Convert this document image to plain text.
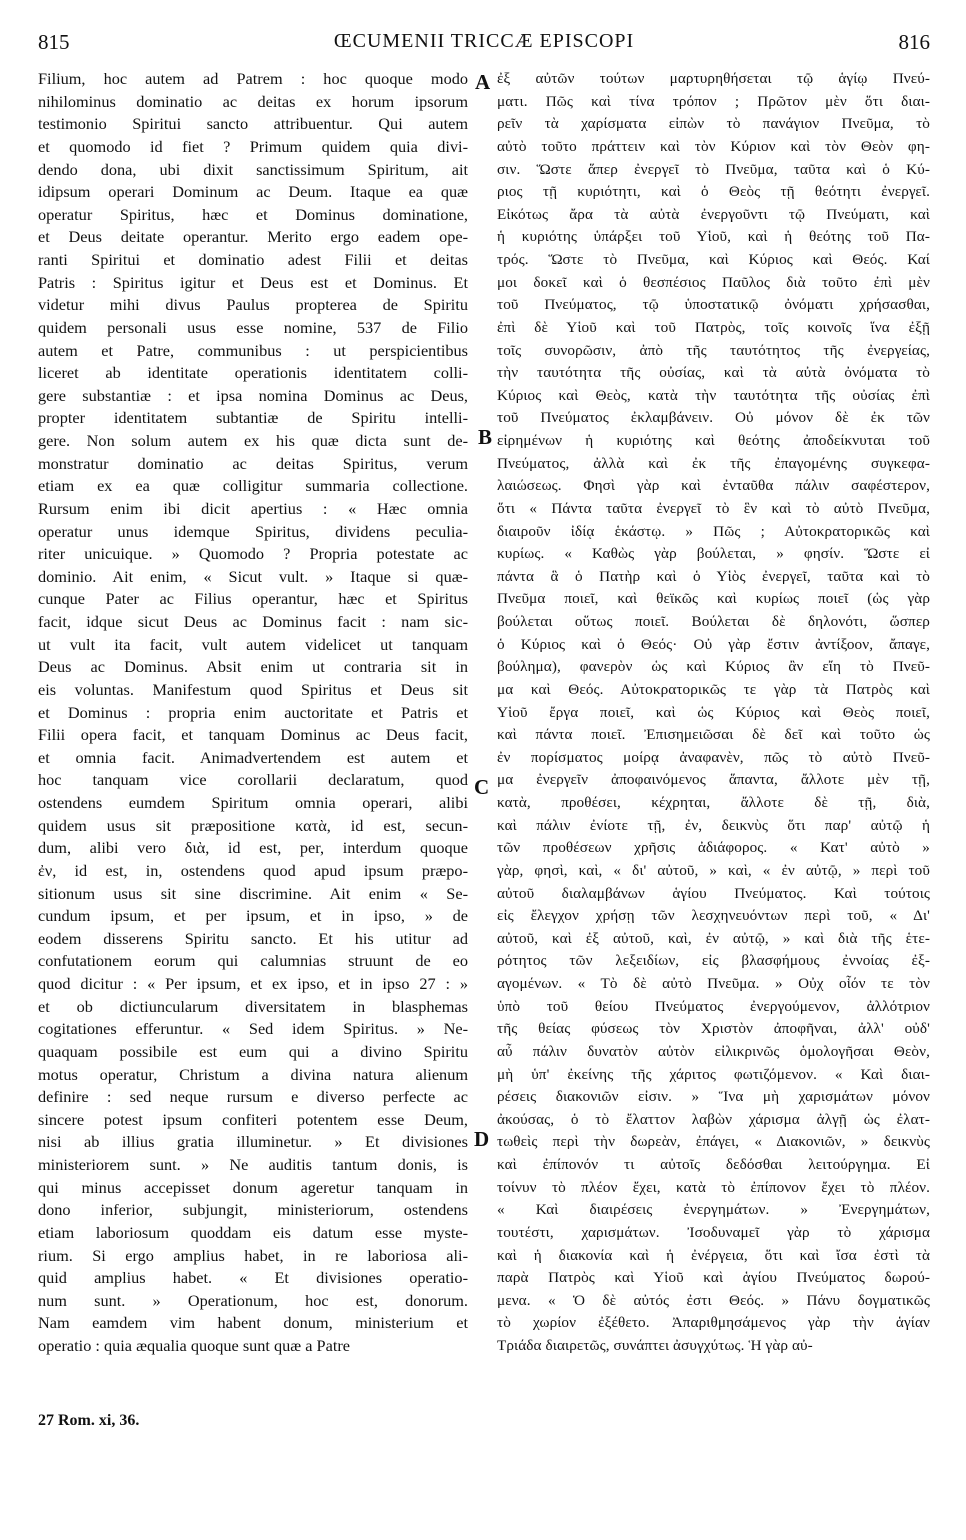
815	ŒCUMENII TRICCÆ EPISCOPI	816
Filium, hoc autem ad Patrem : hoc quoque modo
nihilominus dominatio ac deitas ex horum ipsorum
testimonio Spiritui sancto attribuentur. Qui autem
et quomodo id fiet ? Primum quidem quia divi-
dendo dona, ubi dixit sanctissimum Spiritum, ait
idipsum operari Dominum ac Deum. Itaque ea quæ
operatur Spiritus, hæc et Dominus dominatione,
et Deus deitate operantur. Merito ergo eadem ope-
ranti Spiritui et dominatio adest Filii et deitas
Patris : Spiritus igitur et Deus est et Dominus. Et
videtur mihi divus Paulus propterea de Spiritu
quidem personali usus esse nomine, 537 de Filio
autem et Patre, communibus : ut perspicientibus
liceret ab identitate operationis identitatem colli-
gere substantiæ : et ipsa nomina Dominus ac Deus,
propter identitatem subtantiæ de Spiritu intelli-
gere. Non solum autem ex his quæ dicta sunt de-
monstratur dominatio ac deitas Spiritus, verum
etiam ex ea quæ colligitur summaria collectione.
Rursum enim ibi dicit apertius : « Hæc omnia
operatur unus idemque Spiritus, dividens peculia-
riter unicuique. » Quomodo ? Propria potestate ac
dominio. Ait enim, « Sicut vult. » Itaque si quæ-
cunque Pater ac Filius operantur, hæc et Spiritus
facit, idque sicut Deus ac Dominus facit : nam sic-
ut vult ita facit, vult autem videlicet ut tanquam
Deus ac Dominus. Absit enim ut contraria sit in
eis voluntas. Manifestum quod Spiritus et Deus sit
et Dominus : propria enim auctoritate et Patris et
Filii opera facit, et tanquam Dominus ac Deus facit,
et omnia facit. Animadvertendem est autem et
hoc tanquam vice corollarii declaratum, quod
ostendens eumdem Spiritum omnia operari, alibi
quidem usus sit præpositione κατὰ, id est, secun-
dum, alibi vero διὰ, id est, per, interdum quoque
ἐν, id est, in, ostendens quod apud ipsum præpo-
sitionum usus sit sine discrimine. Ait enim « Se-
cundum ipsum, et per ipsum, et in ipso, » de
eodem disserens Spiritu sancto. Et his utitur ad
confutationem eorum qui calumnias struunt de eo
quod dicitur : « Per ipsum, et ex ipso, et in ipso 27 : »
et ob dictiuncularum diversitatem in blasphemas
cogitationes efferuntur. « Sed idem Spiritus. » Ne-
quaquam possibile est eum qui a divino Spiritu
motus operatur, Christum a divina natura alienum
definire : sed neque rursum e diverso perfecte ac
sincere potest ipsum confiteri potentem esse Deum,
nisi ab illius gratia illuminetur. » Et divisiones
ministeriorem sunt. » Ne auditis tantum donis, is
qui minus accepisset donum ageretur tanquam in
dono inferior, subjungit, ministeriorum, ostendens
etiam laboriosum quoddam eis datum esse myste-
rium. Si ergo amplius habet, in re laboriosa ali-
quid amplius habet. « Et divisiones operatio-
num sunt. » Operationum, hoc est, donorum.
Nam eamdem vim habent donum, ministerium et
operatio : quia æqualia quoque sunt quæ a Patre
ἐξ αὐτῶν τούτων μαρτυρηθήσεται τῷ ἁγίῳ Πνεύ-
ματι. Πῶς καὶ τίνα τρόπον ; Πρῶτον μὲν ὅτι διαι-
ρεῖν τὰ χαρίσματα εἰπὼν τὸ πανάγιον Πνεῦμα, τὸ
αὐτὸ τοῦτο πράττειν καὶ τὸν Κύριον καὶ τὸν Θεὸν φη-
σιν. Ὥστε ἅπερ ἐνεργεῖ τὸ Πνεῦμα, ταῦτα καὶ ὁ Κύ-
ριος τῇ κυριότητι, καὶ ὁ Θεὸς τῇ θεότητι ἐνεργεῖ.
Εἰκότως ἄρα τὰ αὐτὰ ἐνεργοῦντι τῷ Πνεύματι, καὶ
ἡ κυριότης ὑπάρξει τοῦ Υἱοῦ, καὶ ἡ θεότης τοῦ Πα-
τρός. Ὥστε τὸ Πνεῦμα, καὶ Κύριος καὶ Θεός. Καί
μοι δοκεῖ καὶ ὁ θεσπέσιος Παῦλος διὰ τοῦτο ἐπὶ μὲν
τοῦ Πνεύματος, τῷ ὑποστατικῷ ὀνόματι χρήσασθαι,
ἐπὶ δὲ Υἱοῦ καὶ τοῦ Πατρὸς, τοῖς κοινοῖς ἵνα ἐξῇ
τοῖς συνορῶσιν, ἀπὸ τῆς ταυτότητος τῆς ἐνεργείας,
τὴν ταυτότητα τῆς οὐσίας, καὶ τὰ αὐτὰ ὀνόματα τὸ
Κύριος καὶ Θεὸς, κατὰ τὴν ταυτότητα τῆς οὐσίας ἐπὶ
τοῦ Πνεύματος ἐκλαμβάνειν. Οὐ μόνον δὲ ἐκ τῶν
εἰρημένων ἡ κυριότης καὶ θεότης ἀποδείκνυται τοῦ
Πνεύματος, ἀλλὰ καὶ ἐκ τῆς ἐπαγομένης συγκεφα-
λαιώσεως. Φησὶ γὰρ καὶ ἐνταῦθα πάλιν σαφέστερον,
ὅτι « Πάντα ταῦτα ἐνεργεῖ τὸ ἓν καὶ τὸ αὐτὸ Πνεῦμα,
διαιροῦν ἰδίᾳ ἑκάστῳ. » Πῶς ; Αὐτοκρατορικῶς καὶ
κυρίως. « Καθὼς γὰρ βούλεται, » φησίν. Ὥστε εἰ
πάντα ἃ ὁ Πατὴρ καὶ ὁ Υἱὸς ἐνεργεῖ, ταῦτα καὶ τὸ
Πνεῦμα ποιεῖ, καὶ θεϊκῶς καὶ κυρίως ποιεῖ (ὡς γὰρ
βούλεται οὕτως ποιεῖ. Βούλεται δὲ δηλονότι, ὥσπερ
ὁ Κύριος καὶ ὁ Θεός· Οὐ γὰρ ἔστιν ἀντίξοον, ἄπαγε,
βούλημα), φανερὸν ὡς καὶ Κύριος ἂν εἴη τὸ Πνεῦ-
μα καὶ Θεός. Αὐτοκρατορικῶς τε γὰρ τὰ Πατρὸς καὶ
Υἱοῦ ἔργα ποιεῖ, καὶ ὡς Κύριος καὶ Θεὸς ποιεῖ,
καὶ πάντα ποιεῖ. Ἐπισημειῶσαι δὲ δεῖ καὶ τοῦτο ὡς
ἐν πορίσματος μοίρᾳ ἀναφανὲν, πῶς τὸ αὐτὸ Πνεῦ-
μα ἐνεργεῖν ἀποφαινόμενος ἅπαντα, ἄλλοτε μὲν τῇ,
κατὰ, προθέσει, κέχρηται, ἄλλοτε δὲ τῇ, διὰ,
καὶ πάλιν ἐνίοτε τῇ, ἐν, δεικνὺς ὅτι παρ' αὐτῷ ἡ
τῶν προθέσεων χρῆσις ἀδιάφορος. « Κατ' αὐτὸ »
γὰρ, φησὶ, καὶ, « δι' αὐτοῦ, » καὶ, « ἐν αὐτῷ, » περὶ τοῦ
αὐτοῦ διαλαμβάνων ἁγίου Πνεύματος. Καὶ τούτοις
εἰς ἔλεγχον χρήσῃ τῶν λεσχηνευόντων περὶ τοῦ, « Δι'
αὐτοῦ, καὶ ἐξ αὐτοῦ, καὶ, ἐν αὐτῷ, » καὶ διὰ τῆς ἑτε-
ρότητος τῶν λεξειδίων, εἰς βλασφήμους ἐννοίας ἐξ-
αγομένων. « Τὸ δὲ αὐτὸ Πνεῦμα. » Οὐχ οἷόν τε τὸν
ὑπὸ τοῦ θείου Πνεύματος ἐνεργούμενον, ἀλλότριον
τῆς θείας φύσεως τὸν Χριστὸν ἀποφῆναι, ἀλλ' οὐδ'
αὖ πάλιν δυνατὸν αὐτὸν εἰλικρινῶς ὁμολογῆσαι Θεὸν,
μὴ ὑπ' ἐκείνης τῆς χάριτος φωτιζόμενον. « Καὶ διαι-
ρέσεις διακονιῶν εἰσιν. » Ἵνα μὴ χαρισμάτων μόνον
ἀκούσας, ὁ τὸ ἔλαττον λαβὼν χάρισμα ἀλγῇ ὡς ἐλατ-
τωθεὶς περὶ τὴν δωρεὰν, ἐπάγει, « Διακονιῶν, » δεικνὺς
καὶ ἐπίπονόν τι αὐτοῖς δεδόσθαι λειτούργημα. Εἰ
τοίνυν τὸ πλέον ἔχει, κατὰ τὸ ἐπίπονον ἔχει τὸ πλέον.
« Καὶ διαιρέσεις ἐνεργημάτων. » Ἐνεργημάτων,
τουτέστι, χαρισμάτων. Ἰσοδυναμεῖ γὰρ τὸ χάρισμα
καὶ ἡ διακονία καὶ ἡ ἐνέργεια, ὅτι καὶ ἴσα ἐστὶ τὰ
παρὰ Πατρὸς καὶ Υἱοῦ καὶ ἁγίου Πνεύματος δωρού-
μενα. « Ὁ δὲ αὐτός ἐστι Θεός. » Πάνυ δογματικῶς
τὸ χωρίον ἐξέθετο. Ἀπαριθμησάμενος γὰρ τὴν ἁγίαν
Τριάδα διαιρετῶς, συνάπτει ἀσυγχύτως. Ἡ γὰρ αὐ-
A
B
C
D
27 Rom. xi, 36.
